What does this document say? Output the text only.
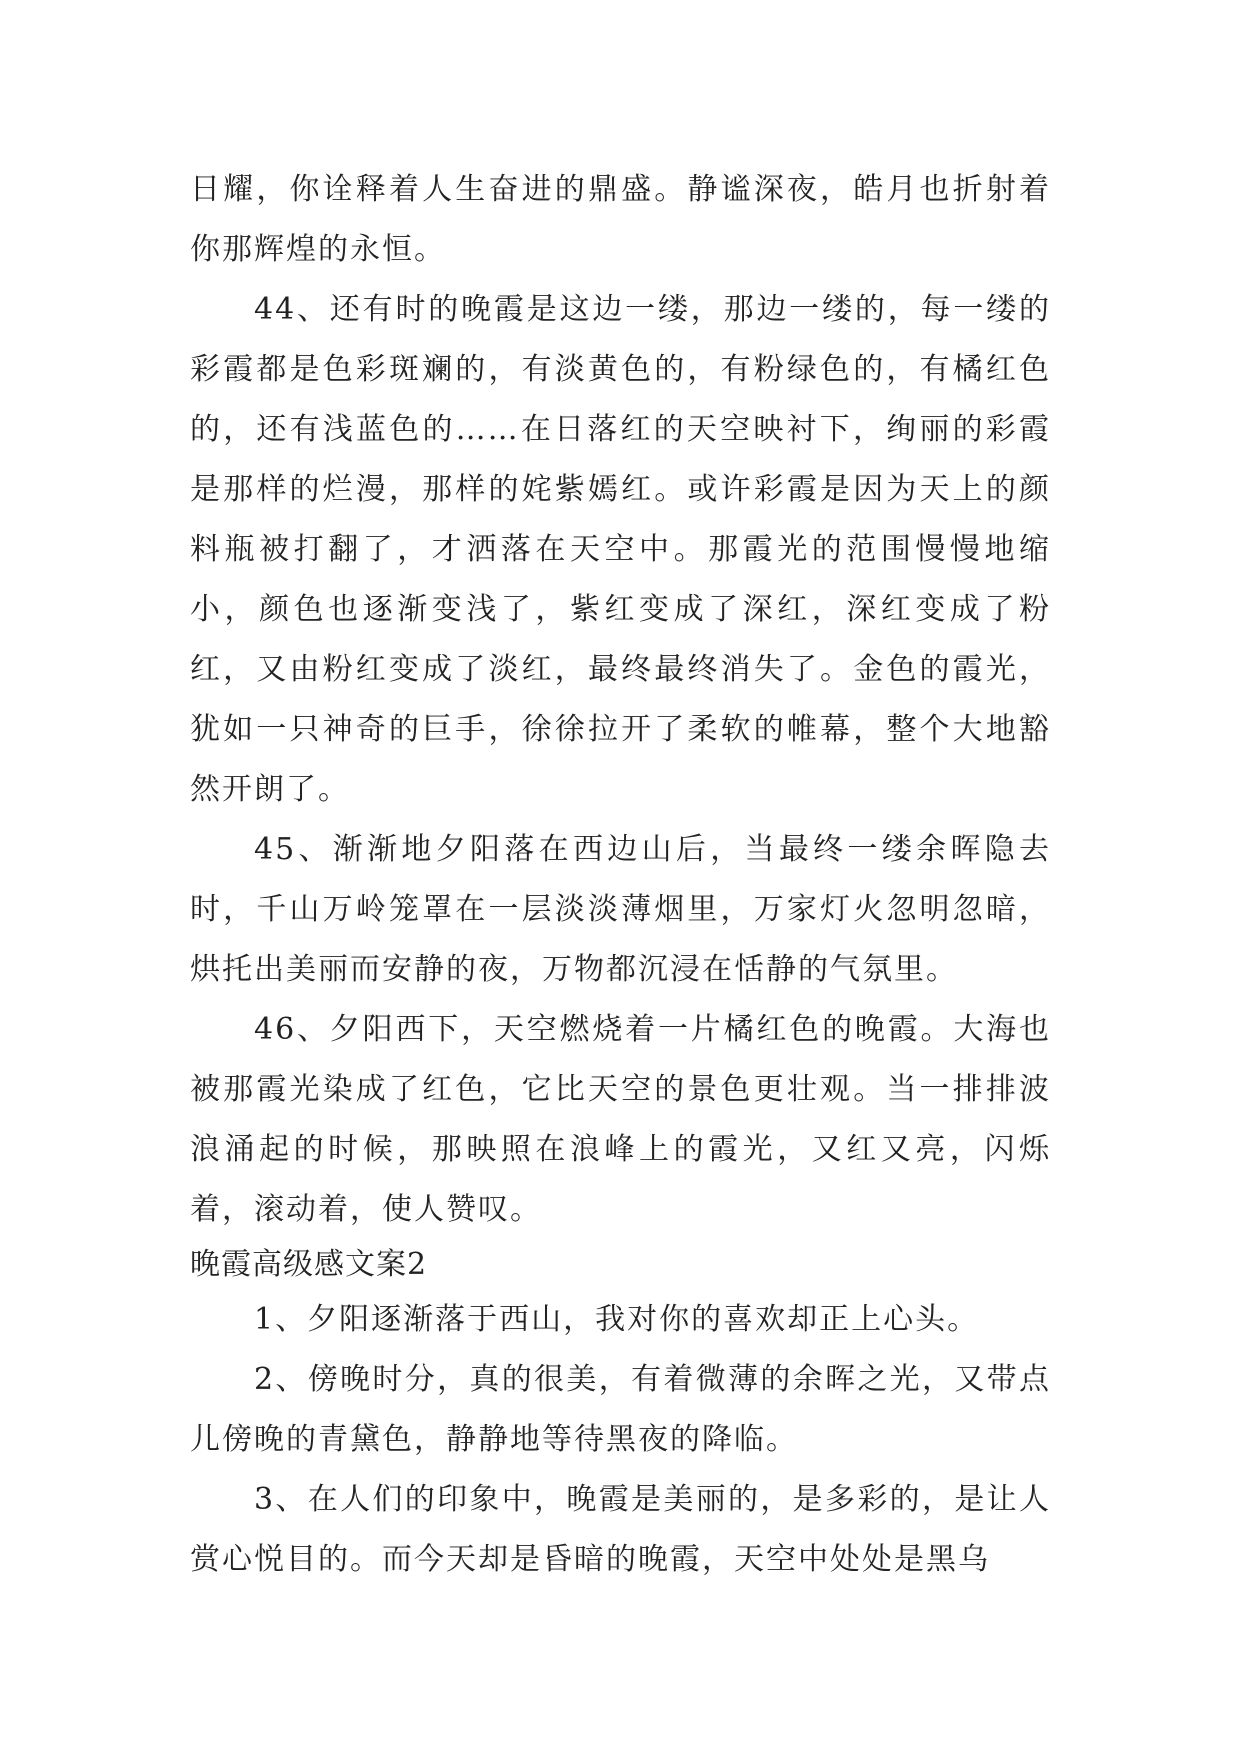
日耀，你诠释着人生奋进的鼎盛。静谧深夜，皓月也折射着你那辉煌的永恒。

44、还有时的晚霞是这边一缕，那边一缕的，每一缕的彩霞都是色彩斑斓的，有淡黄色的，有粉绿色的，有橘红色的，还有浅蓝色的……在日落红的天空映衬下，绚丽的彩霞是那样的烂漫，那样的姹紫嫣红。或许彩霞是因为天上的颜料瓶被打翻了，才洒落在天空中。那霞光的范围慢慢地缩小，颜色也逐渐变浅了，紫红变成了深红，深红变成了粉红，又由粉红变成了淡红，最终最终消失了。金色的霞光，犹如一只神奇的巨手，徐徐拉开了柔软的帷幕，整个大地豁然开朗了。

45、渐渐地夕阳落在西边山后，当最终一缕余晖隐去时，千山万岭笼罩在一层淡淡薄烟里，万家灯火忽明忽暗，烘托出美丽而安静的夜，万物都沉浸在恬静的气氛里。

46、夕阳西下，天空燃烧着一片橘红色的晚霞。大海也被那霞光染成了红色，它比天空的景色更壮观。当一排排波浪涌起的时候，那映照在浪峰上的霞光，又红又亮，闪烁着，滚动着，使人赞叹。

晚霞高级感文案2

1、夕阳逐渐落于西山，我对你的喜欢却正上心头。

2、傍晚时分，真的很美，有着微薄的余晖之光，又带点儿傍晚的青黛色，静静地等待黑夜的降临。

3、在人们的印象中，晚霞是美丽的，是多彩的，是让人赏心悦目的。而今天却是昏暗的晚霞，天空中处处是黑乌
